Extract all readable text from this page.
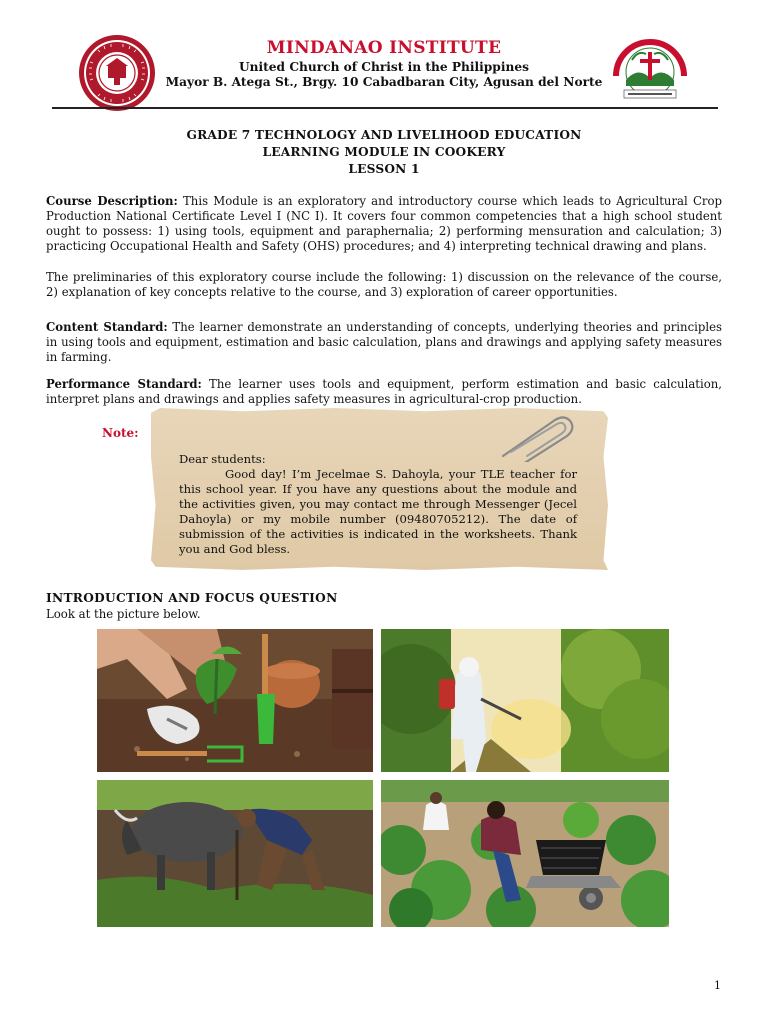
MINDANAO INSTITUTE
United Church of Christ in the Philippines
Mayor B. Atega St., Brgy. 10 Cabadbaran City, Agusan del Norte
GRADE 7 TECHNOLOGY AND LIVELIHOOD EDUCATION
LEARNING MODULE IN COOKERY
LESSON 1
Course Description: This Module is an exploratory and introductory course which leads to Agricultural Crop Production National Certificate Level I (NC I). It covers four common competencies that a high school student ought to possess: 1) using tools, equipment and paraphernalia; 2) performing mensuration and calculation; 3) practicing Occupational Health and Safety (OHS) procedures; and 4) interpreting technical drawing and plans.
The preliminaries of this exploratory course include the following: 1) discussion on the relevance of the course, 2) explanation of key concepts relative to the course, and 3) exploration of career opportunities.
Content Standard: The learner demonstrate an understanding of concepts, underlying theories and principles in using tools and equipment, estimation and basic calculation, plans and drawings and applying safety measures in farming.
Performance Standard: The learner uses tools and equipment, perform estimation and basic calculation, interpret plans and drawings and applies safety measures in agricultural-crop production.
Note:
Dear students:
Good day! I’m Jecelmae S. Dahoyla, your TLE teacher for this school year. If you have any questions about the module and the activities given, you may contact me through Messenger (Jecel Dahoyla) or my mobile number (09480705212). The date of submission of the activities is indicated in the worksheets. Thank you and God bless.
INTRODUCTION AND FOCUS QUESTION
Look at the picture below.
1
